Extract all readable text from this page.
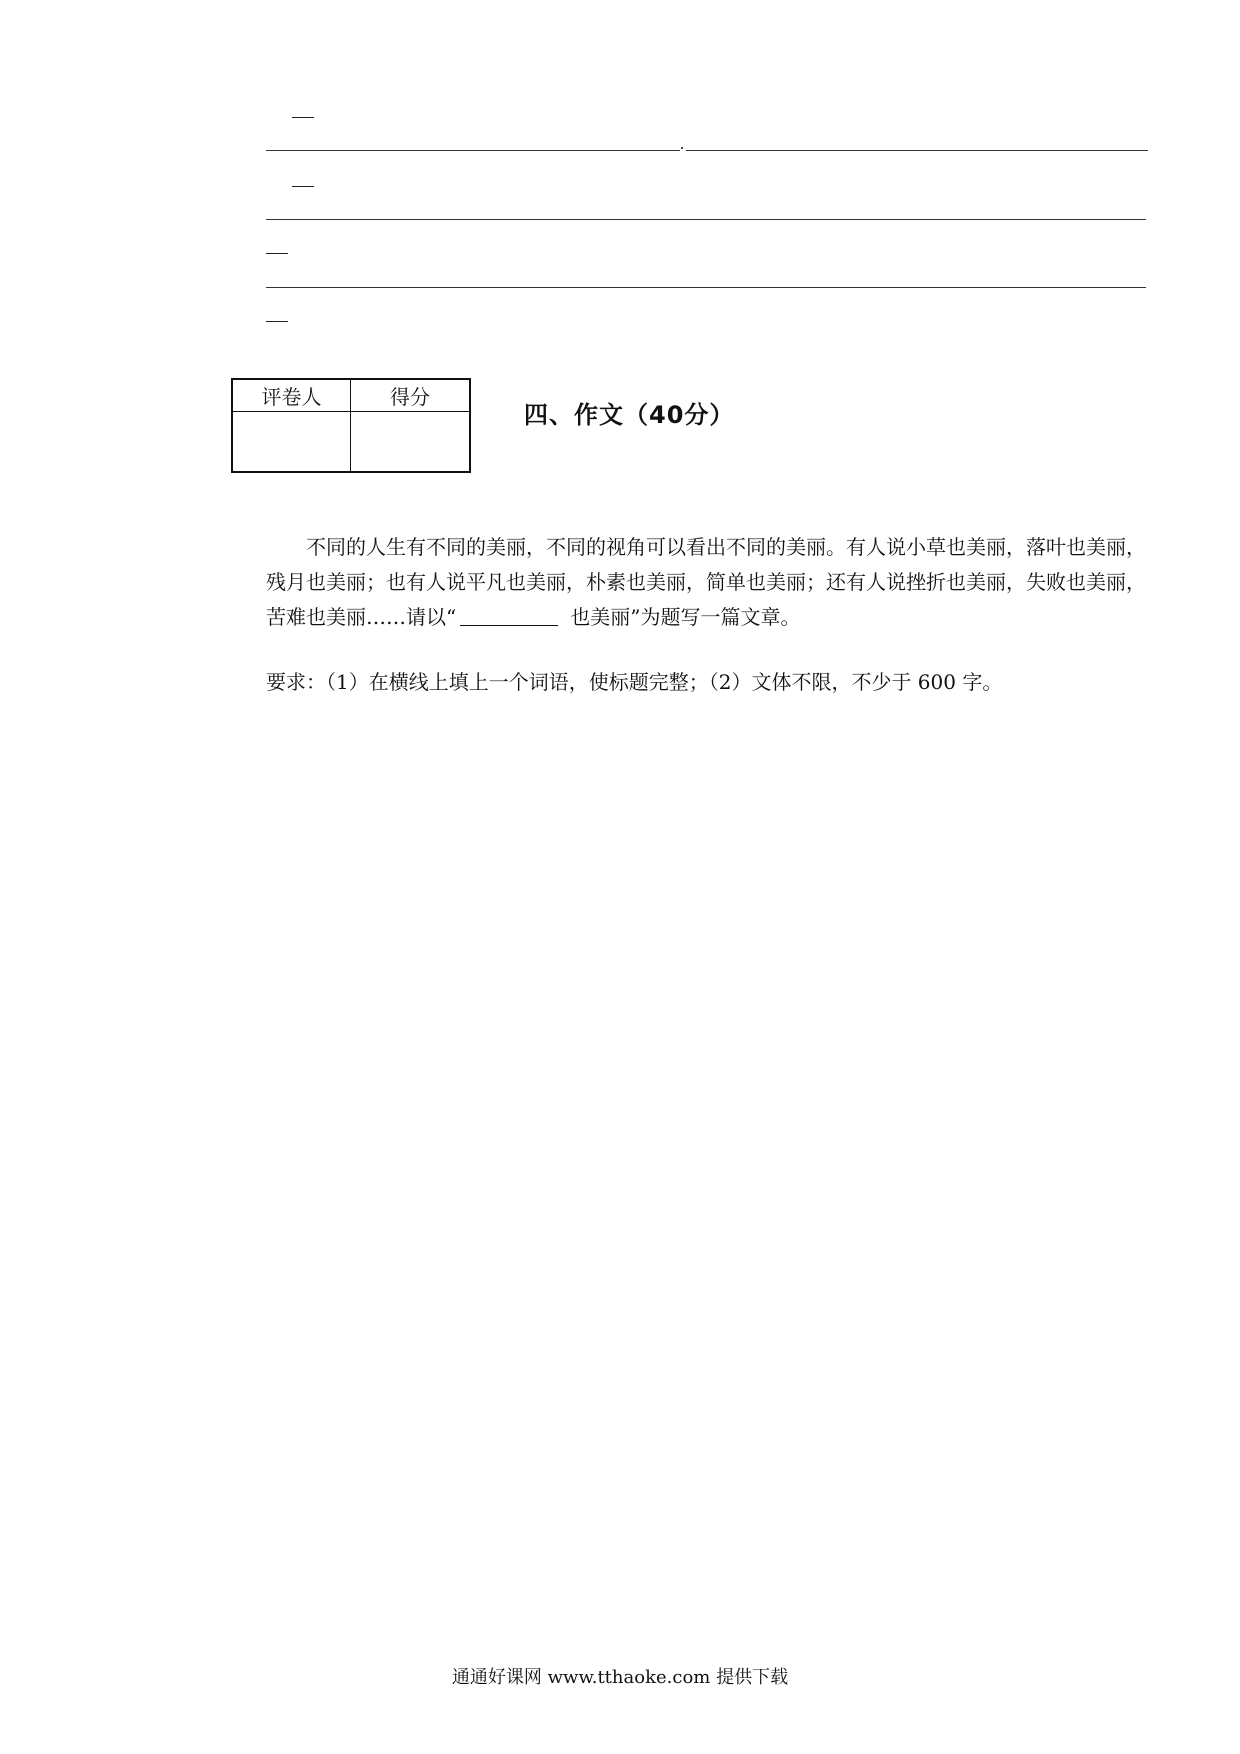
评卷人	得分
四、作文（40分）

不同的人生有不同的美丽，不同的视角可以看出不同的美丽。有人说小草也美丽，落叶也美丽，残月也美丽；也有人说平凡也美丽，朴素也美丽，简单也美丽；还有人说挫折也美丽，失败也美丽，苦难也美丽……请以“	也美丽”为题写一篇文章。

要求：（1）在横线上填上一个词语，使标题完整；（2）文体不限，不少于 600 字。

通通好课网 www.tthaoke.com 提供下载
